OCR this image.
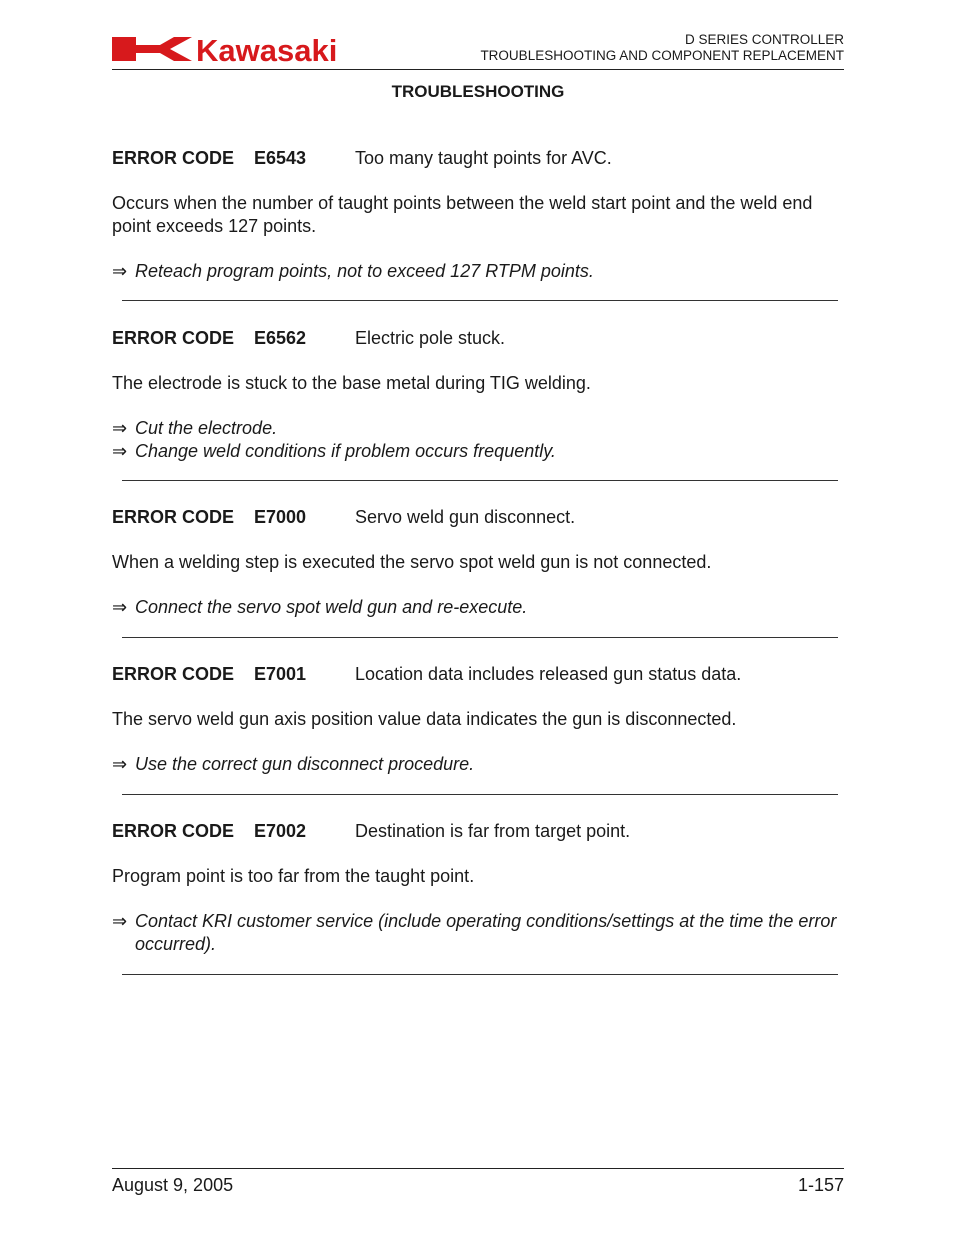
Kawasaki	D SERIES CONTROLLER
TROUBLESHOOTING AND COMPONENT REPLACEMENT
TROUBLESHOOTING
ERROR CODE	E6543	Too many taught points for AVC.
Occurs when the number of taught points between the weld start point and the weld end point exceeds 127 points.
⇒ Reteach program points, not to exceed 127 RTPM points.
ERROR CODE	E6562	Electric pole stuck.
The electrode is stuck to the base metal during TIG welding.
⇒ Cut the electrode.
⇒ Change weld conditions if problem occurs frequently.
ERROR CODE	E7000	Servo weld gun disconnect.
When a welding step is executed the servo spot weld gun is not connected.
⇒ Connect the servo spot weld gun and re-execute.
ERROR CODE	E7001	Location data includes released gun status data.
The servo weld gun axis position value data indicates the gun is disconnected.
⇒ Use the correct gun disconnect procedure.
ERROR CODE	E7002	Destination is far from target point.
Program point is too far from the taught point.
⇒ Contact KRI customer service (include operating conditions/settings at the time the error occurred).
August 9, 2005	1-157
